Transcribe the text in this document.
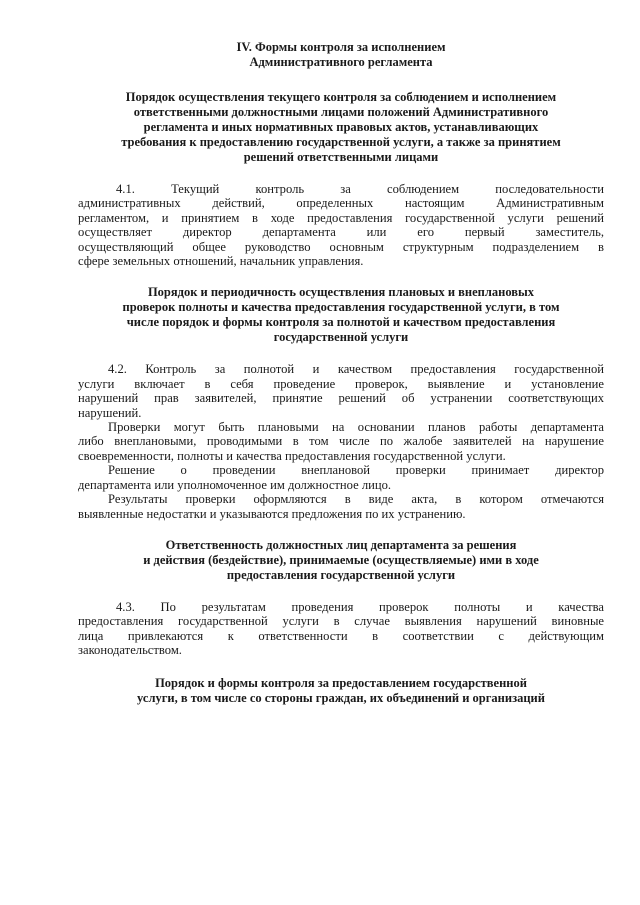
IV. Формы контроля за исполнением
Административного регламента
Порядок осуществления текущего контроля за соблюдением и исполнением
ответственными должностными лицами положений Административного
регламента и иных нормативных правовых актов, устанавливающих
требования к предоставлению государственной услуги, а также за принятием
решений ответственными лицами
4.1. Текущий контроль за соблюдением последовательности
административных действий, определенных настоящим Административным
регламентом, и принятием в ходе предоставления государственной услуги решений
осуществляет директор департамента или его первый заместитель,
осуществляющий общее руководство основным структурным подразделением в
сфере земельных отношений, начальник управления.
Порядок и периодичность осуществления плановых и внеплановых
проверок полноты и качества предоставления государственной услуги, в том
числе порядок и формы контроля за полнотой и качеством предоставления
государственной услуги
4.2. Контроль за полнотой и качеством предоставления государственной
услуги включает в себя проведение проверок, выявление и установление
нарушений прав заявителей, принятие решений об устранении соответствующих
нарушений.
Проверки могут быть плановыми на основании планов работы департамента
либо внеплановыми, проводимыми в том числе по жалобе заявителей на нарушение
своевременности, полноты и качества предоставления государственной услуги.
Решение о проведении внеплановой проверки принимает директор
департамента или уполномоченное им должностное лицо.
Результаты проверки оформляются в виде акта, в котором отмечаются
выявленные недостатки и указываются предложения по их устранению.
Ответственность должностных лиц департамента за решения
и действия (бездействие), принимаемые (осуществляемые) ими в ходе
предоставления государственной услуги
4.3. По результатам проведения проверок полноты и качества
предоставления государственной услуги в случае выявления нарушений виновные
лица привлекаются к ответственности в соответствии с действующим
законодательством.
Порядок и формы контроля за предоставлением государственной
услуги, в том числе со стороны граждан, их объединений и организаций
